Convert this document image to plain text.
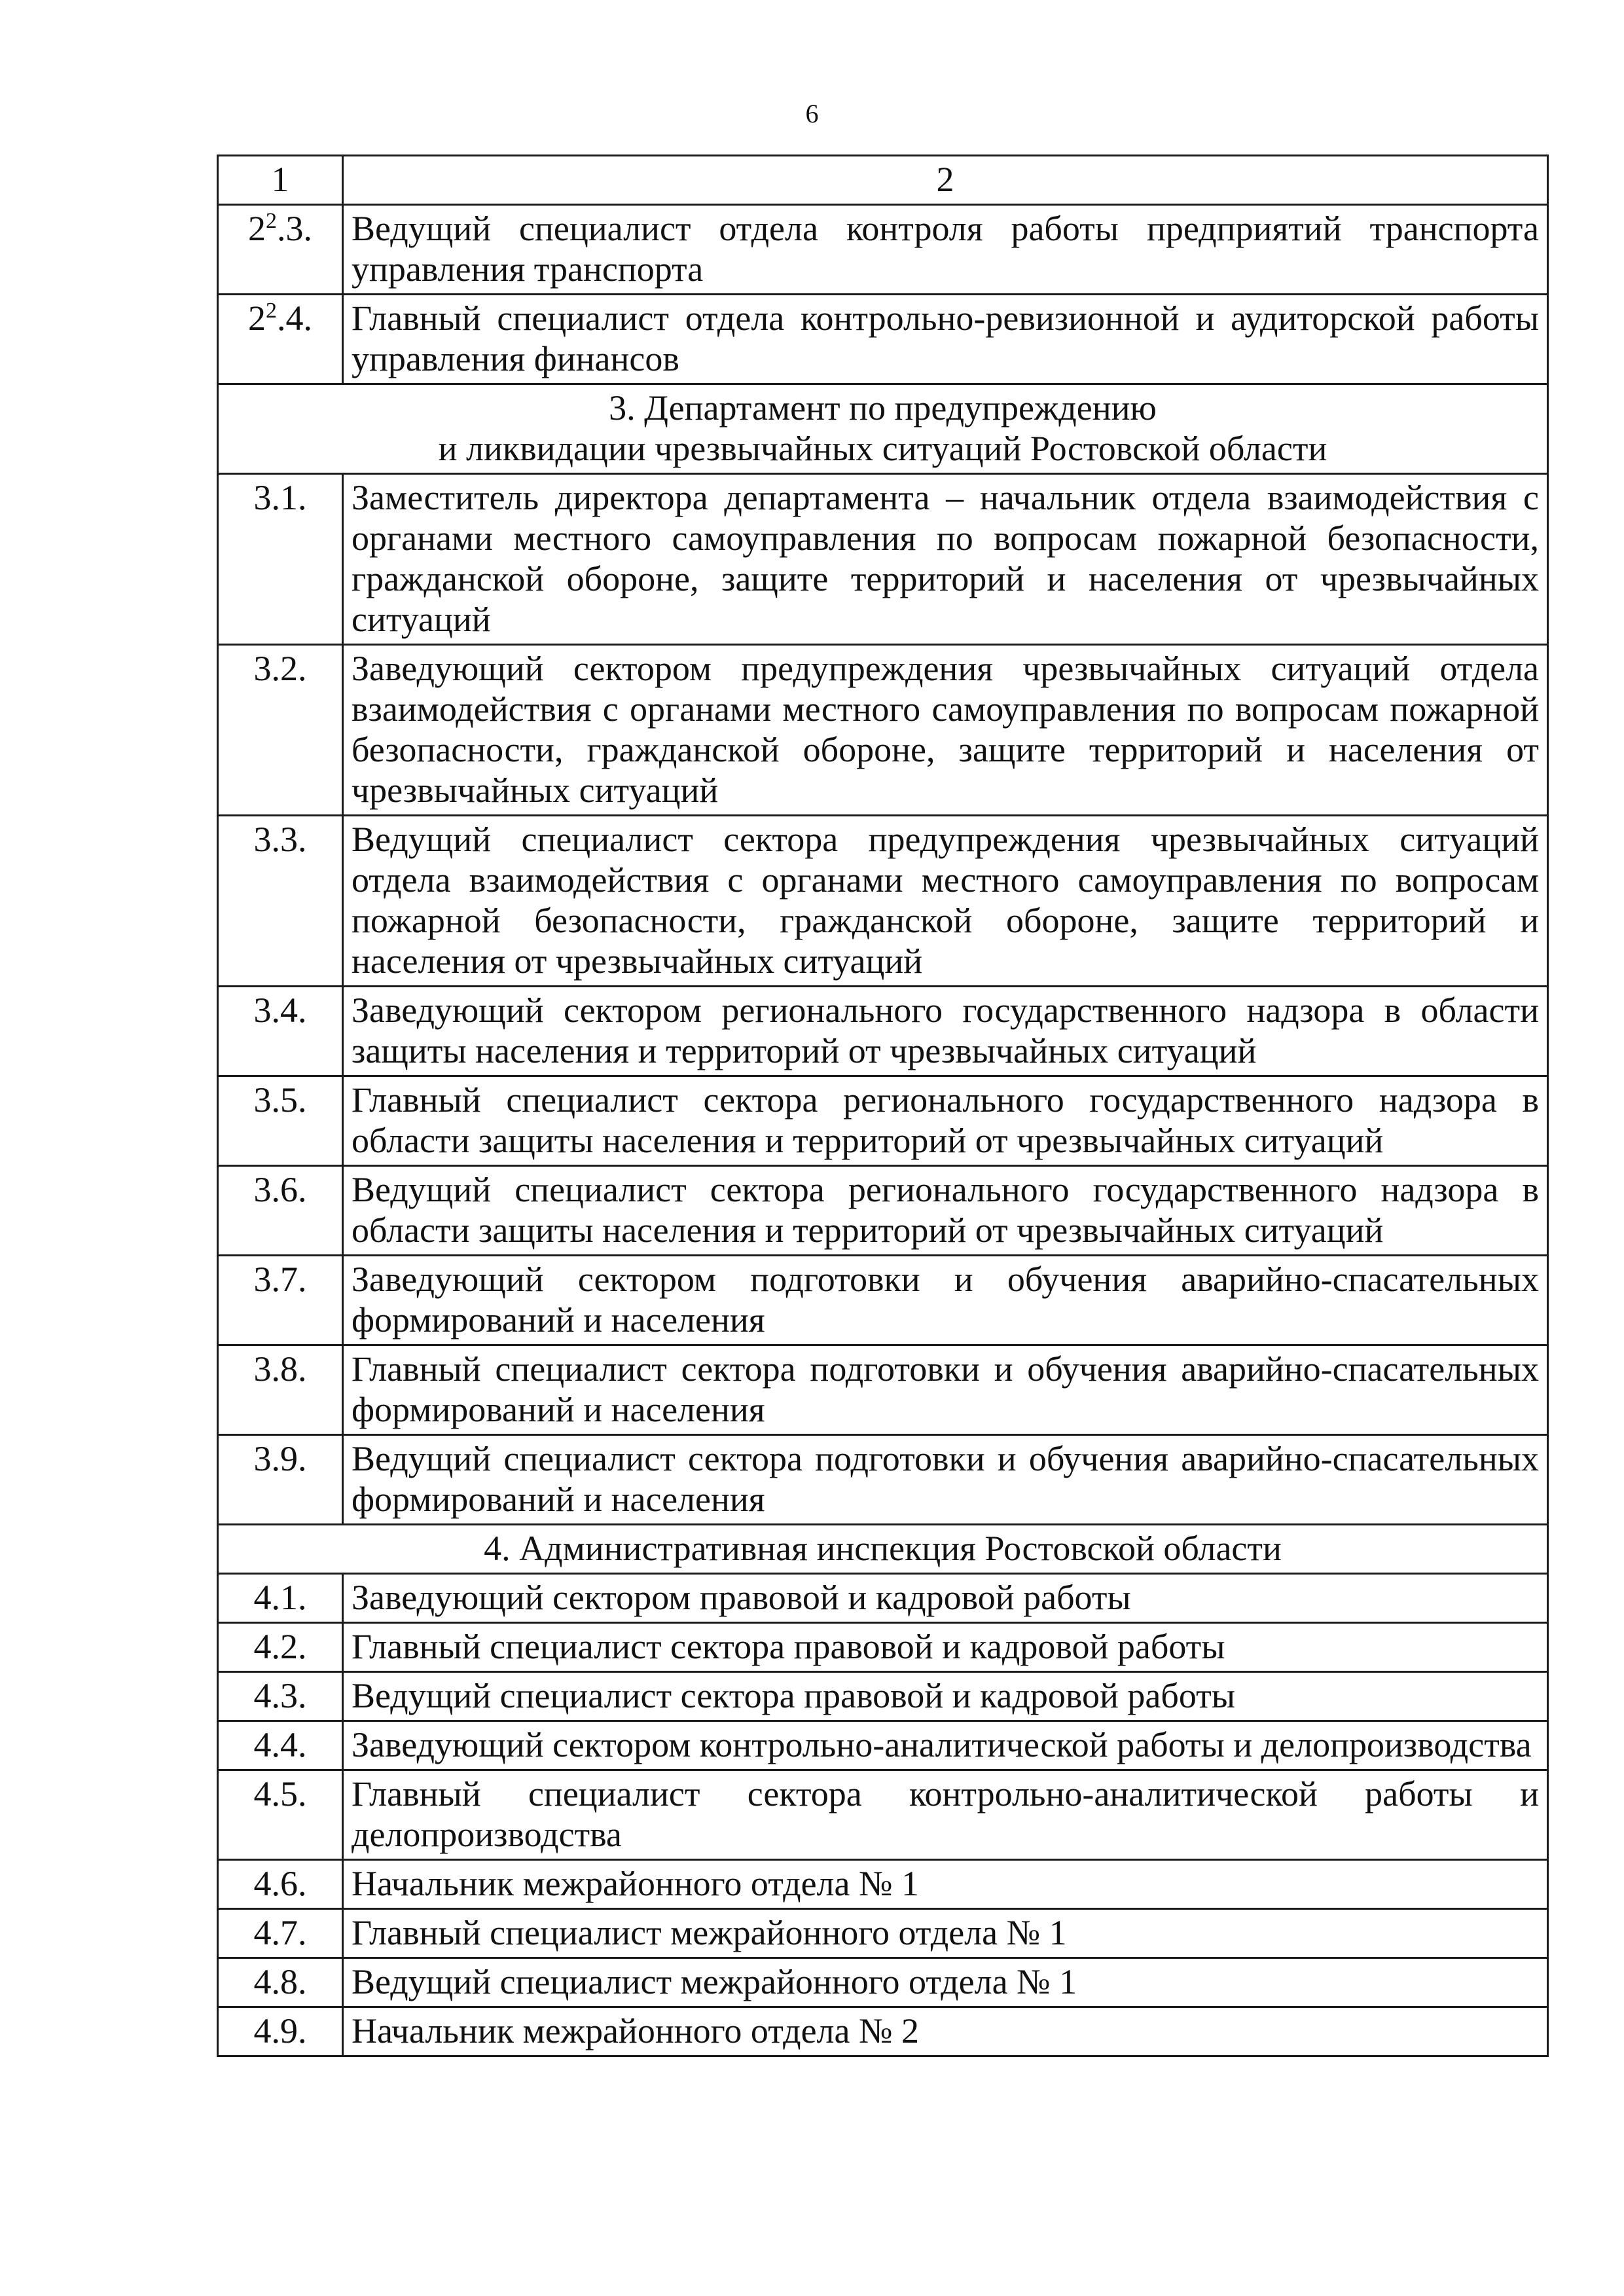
6
1	2
$2^2.3$.	Ведущий специалист отдела контроля работы предприятий транспорта управления транспорта
$2^2.4$.	Главный специалист отдела контрольно-ревизионной и аудиторской работы управления финансов

3. Департамент по предупреждению
и ликвидации чрезвычайных ситуаций Ростовской области	

3.1.	Заместитель директора департамента – начальник отдела взаимодействия с органами местного самоуправления по вопросам пожарной безопасности, гражданской обороне, защите территорий и населения от чрезвычайных ситуаций
3.2.	Заведующий сектором предупреждения чрезвычайных ситуаций отдела взаимодействия с органами местного самоуправления по вопросам пожарной безопасности, гражданской обороне, защите территорий и населения от чрезвычайных ситуаций
3.3.	Ведущий специалист сектора предупреждения чрезвычайных ситуаций отдела взаимодействия с органами местного самоуправления по вопросам пожарной безопасности, гражданской обороне, защите территорий и населения от чрезвычайных ситуаций
3.4.	Заведующий сектором регионального государственного надзора в области защиты населения и территорий от чрезвычайных ситуаций
3.5.	Главный специалист сектора регионального государственного надзора в области защиты населения и территорий от чрезвычайных ситуаций
3.6.	Ведущий специалист сектора регионального государственного надзора в области защиты населения и территорий от чрезвычайных ситуаций
3.7.	Заведующий сектором подготовки и обучения аварийно-спасательных формирований и населения
3.8.	Главный специалист сектора подготовки и обучения аварийно-спасательных формирований и населения
3.9.	Ведущий специалист сектора подготовки и обучения аварийно-спасательных формирований и населения

4. Административная инспекция Ростовской области	

4.1.	Заведующий сектором правовой и кадровой работы
4.2.	Главный специалист сектора правовой и кадровой работы
4.3.	Ведущий специалист сектора правовой и кадровой работы
4.4.	Заведующий сектором контрольно-аналитической работы и делопроизводства
4.5.	Главный специалист сектора контрольно-аналитической работы и делопроизводства
4.6.	Начальник межрайонного отдела № 1
4.7.	Главный специалист межрайонного отдела № 1
4.8.	Ведущий специалист межрайонного отдела № 1
4.9.	Начальник межрайонного отдела № 2
